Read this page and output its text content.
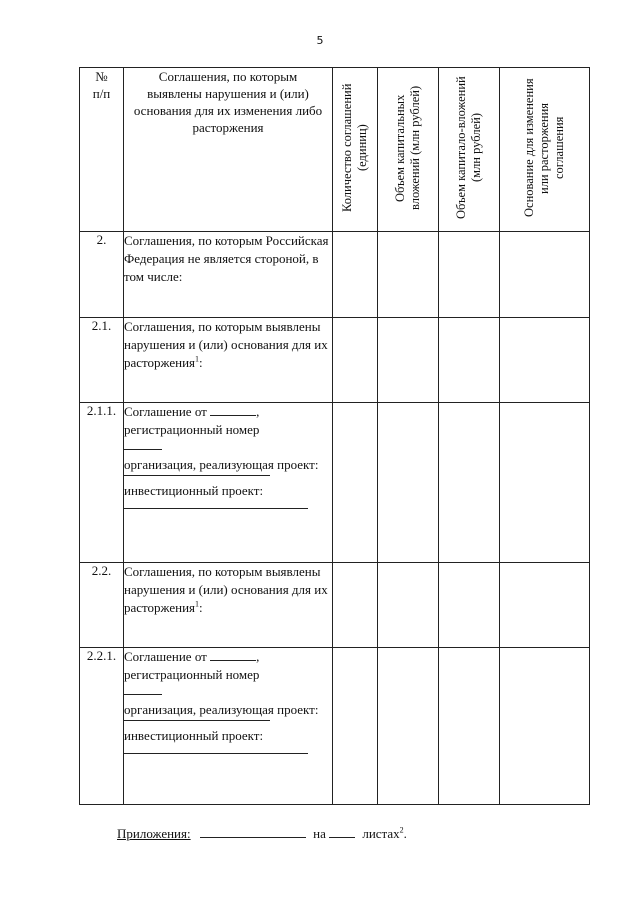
5
№
п/п	Соглашения, по которым выявлены нарушения и (или) основания для их изменения либо расторжения	Количество соглашений (единиц)	Объем капитальных вложений (млн рублей)	Объем капитало-вложений (млн рублей)	Основание для изменения или расторжения соглашения

2.	Соглашения, по которым Российская Федерация не является стороной, в том числе:				
2.1.	Соглашения, по которым выявлены нарушения и (или) основания для их расторжения$^1$:				
2.1.1.	Соглашение от ,
регистрационный номер
организация, реализующая проект:
инвестиционный проект:				

2.2.	Соглашения, по которым выявлены нарушения и (или) основания для их расторжения$^1$:				
2.2.1.	Соглашение от ,
регистрационный номер
организация, реализующая проект:
инвестиционный проект:				

Приложения:	на	листах$^2$.
